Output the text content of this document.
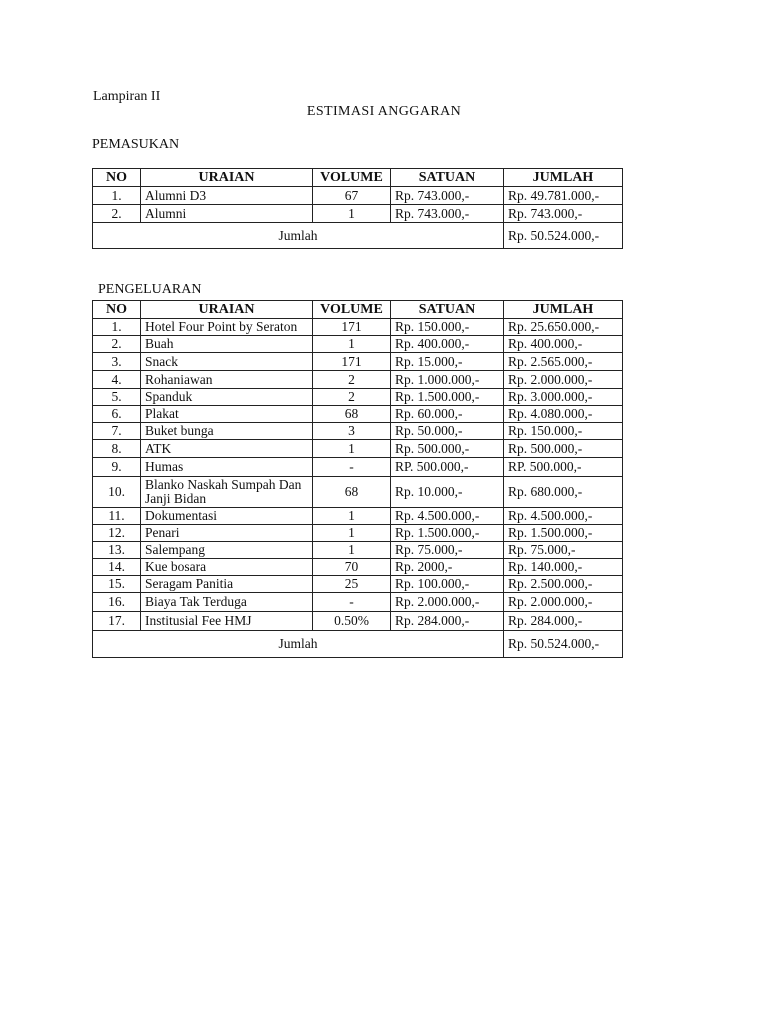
Lampiran II
ESTIMASI ANGGARAN
PEMASUKAN
NO	URAIAN	VOLUME	SATUAN	JUMLAH
1.	Alumni D3	67	Rp. 743.000,-	Rp. 49.781.000,-
2.	Alumni	1	Rp. 743.000,-	Rp. 743.000,-
Jumlah				Rp. 50.524.000,-
PENGELUARAN
NO	URAIAN	VOLUME	SATUAN	JUMLAH
1.	Hotel Four Point by Seraton	171	Rp. 150.000,-	Rp. 25.650.000,-
2.	Buah	1	Rp. 400.000,-	Rp. 400.000,-
3.	Snack	171	Rp. 15.000,-	Rp. 2.565.000,-
4.	Rohaniawan	2	Rp. 1.000.000,-	Rp. 2.000.000,-
5.	Spanduk	2	Rp. 1.500.000,-	Rp. 3.000.000,-
6.	Plakat	68	Rp. 60.000,-	Rp. 4.080.000,-
7.	Buket bunga	3	Rp. 50.000,-	Rp. 150.000,-
8.	ATK	1	Rp. 500.000,-	Rp. 500.000,-
9.	Humas	-	RP. 500.000,-	RP. 500.000,-
10.	Blanko Naskah Sumpah Dan Janji Bidan	68	Rp. 10.000,-	Rp. 680.000,-
11.	Dokumentasi	1	Rp. 4.500.000,-	Rp. 4.500.000,-
12.	Penari	1	Rp. 1.500.000,-	Rp. 1.500.000,-
13.	Salempang	1	Rp. 75.000,-	Rp. 75.000,-
14.	Kue bosara	70	Rp. 2000,-	Rp. 140.000,-
15.	Seragam Panitia	25	Rp. 100.000,-	Rp. 2.500.000,-
16.	Biaya Tak Terduga	-	Rp. 2.000.000,-	Rp. 2.000.000,-
17.	Institusial Fee HMJ	0.50%	Rp. 284.000,-	Rp. 284.000,-
Jumlah				Rp. 50.524.000,-
